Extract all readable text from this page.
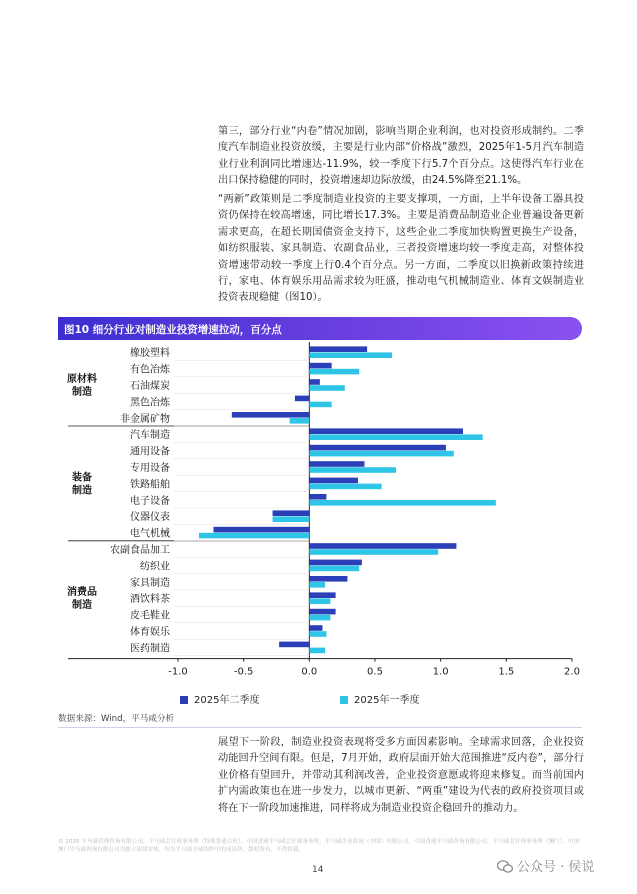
第三，部分行业“内卷”情况加剧，影响当期企业利润，也对投资形成制约。二季度汽车制造业投资放缓，主要是行业内部“价格战”激烈，2025年1-5月汽车制造业行业利润同比增速达-11.9%，较一季度下行5.7个百分点。这使得汽车行业在出口保持稳健的同时，投资增速却边际放缓，由24.5%降至21.1%。

“两新”政策则是二季度制造业投资的主要支撑项，一方面，上半年设备工器具投资仍保持在较高增速，同比增长17.3%。主要是消费品制造业企业普遍设备更新需求更高，在超长期国债资金支持下，这些企业二季度加快购置更换生产设备，如纺织服装、家具制造、农副食品业，三者投资增速均较一季度走高，对整体投资增速带动较一季度上行0.4个百分点。另一方面，二季度以旧换新政策持续进行，家电、体育娱乐用品需求较为旺盛，推动电气机械制造业、体育文娱制造业投资表现稳健（图10）。

图10 细分行业对制造业投资增速拉动，百分点
-1.0	-0.5	0.0	0.5	1.0	1.5	2.0
原材料
制造
装备
制造
消费品
制造
橡胶塑料
有色冶炼
石油煤炭
黑色冶炼
非金属矿物
汽车制造
通用设备
专用设备
铁路船舶
电子设备
仪器仪表
电气机械
农副食品加工
纺织业
家具制造
酒饮料茶
皮毛鞋业
体育娱乐
医药制造
2025年二季度	2025年一季度
数据来源：Wind，平马咸分析

展望下一阶段，制造业投资表现将受多方面因素影响。全球需求回落，企业投资动能回升空间有限。但是，7月开始，政府层面开始大范围推进“反内卷”，部分行业价格有望回升，并带动其利润改善，企业投资意愿或将迎来修复。而当前国内扩内需政策也在进一步发力，以城市更新、“两重”建设为代表的政府投资项目或将在下一阶段加速推进，同样将成为制造业投资企稳回升的推动力。

© 2025 平马咸管理咨询有限公司。平马咸会计师事务所（特殊普通合伙）、中国香港平马咸会计师事务所、平马咸企业咨询（中国）有限公司、中国香港平马咸咨询有限公司、平马咸会计师事务所（澳门）、中国澳门平马咸咨询有限公司为独立法律实体，均为平马咸全球组织中的成员所。版权所有，不得转载。
14	公众号 · 侯说
